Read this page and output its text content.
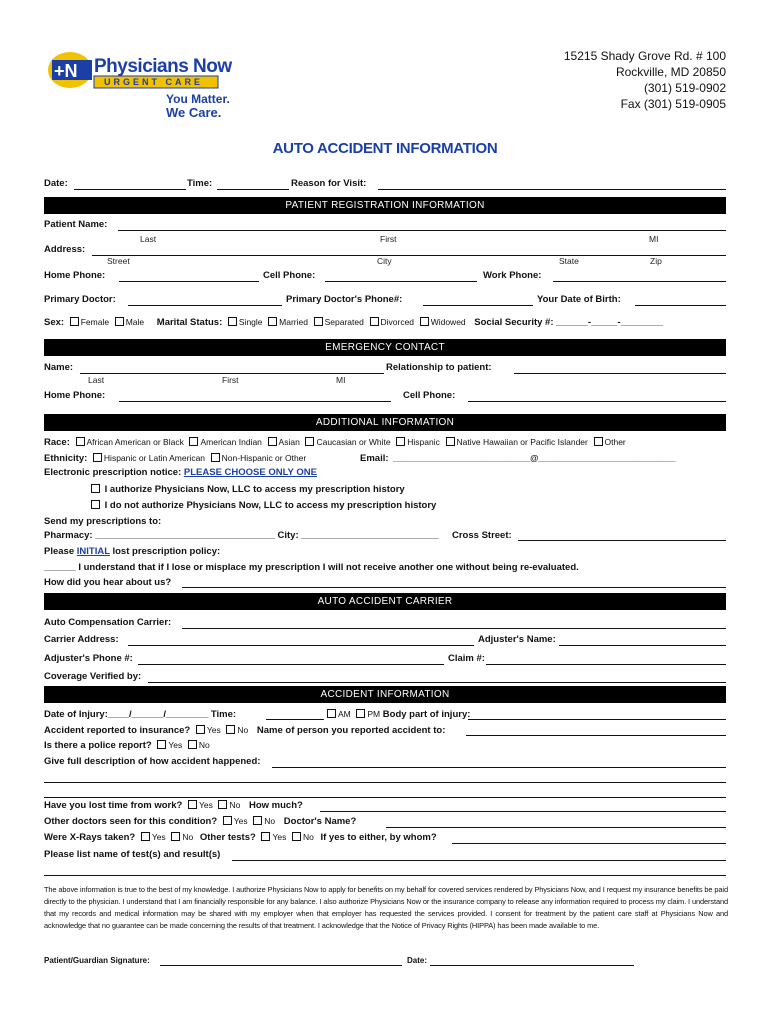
+N Physicians Now
URGENT CARE
You Matter.
We Care.
15215 Shady Grove Rd. # 100
Rockville, MD 20850
(301) 519-0902
Fax (301) 519-0905
AUTO ACCIDENT INFORMATION
Date:	Time:	Reason for Visit:
PATIENT REGISTRATION INFORMATION
Patient Name:
Last	First	MI
Address:
Street	City	State	Zip
Home Phone:	Cell Phone:	Work Phone:
Primary Doctor:	Primary Doctor's Phone#:	Your Date of Birth:
Sex: Female Male Marital Status: Single Married Separated Divorced Widowed Social Security #: ______-_____-________
EMERGENCY CONTACT
Name:
Last	First	MI
Relationship to patient:
Home Phone:	Cell Phone:
ADDITIONAL INFORMATION
Race: African American or Black American Indian Asian Caucasian or White Hispanic Native Hawaiian or Pacific Islander Other
Ethnicity: Hispanic or Latin American Non-Hispanic or Other	Email: _____________________________@_____________________________
Electronic prescription notice: PLEASE CHOOSE ONLY ONE
I authorize Physicians Now, LLC to access my prescription history
I do not authorize Physicians Now, LLC to access my prescription history
Send my prescriptions to:
Pharmacy: __________________________________ City: __________________________ Cross Street:
Please INITIAL lost prescription policy:
______ I understand that if I lose or misplace my prescription I will not receive another one without being re-evaluated.
How did you hear about us?
AUTO ACCIDENT CARRIER
Auto Compensation Carrier:
Carrier Address:	Adjuster's Name:
Adjuster's Phone #:	Claim #:
Coverage Verified by:
ACCIDENT INFORMATION
Date of Injury:____/______/________ Time:	AM PM Body part of injury:
Accident reported to insurance? Yes No Name of person you reported accident to:
Is there a police report? Yes No
Give full description of how accident happened:
Have you lost time from work? Yes No How much?
Other doctors seen for this condition? Yes No Doctor's Name?
Were X-Rays taken? Yes No Other tests? Yes No If yes to either, by whom?
Please list name of test(s) and result(s)
The above information is true to the best of my knowledge. I authorize Physicians Now to apply for benefits on my behalf for covered services rendered by Physicians Now, and I request my insurance benefits be paid directly to the physician. I understand that I am financially responsible for any balance. I also authorize Physicians Now or the insurance company to release any information required to process my claim. I understand that my records and medical information may be shared with my employer when that employer has requested the services provided. I consent for treatment by the patient care staff at Physicians Now and acknowledge that no guarantee can be made concerning the results of that treatment. I acknowledge that the Notice of Privacy Rights (HIPPA) has been made available to me.
Patient/Guardian Signature:	Date:
